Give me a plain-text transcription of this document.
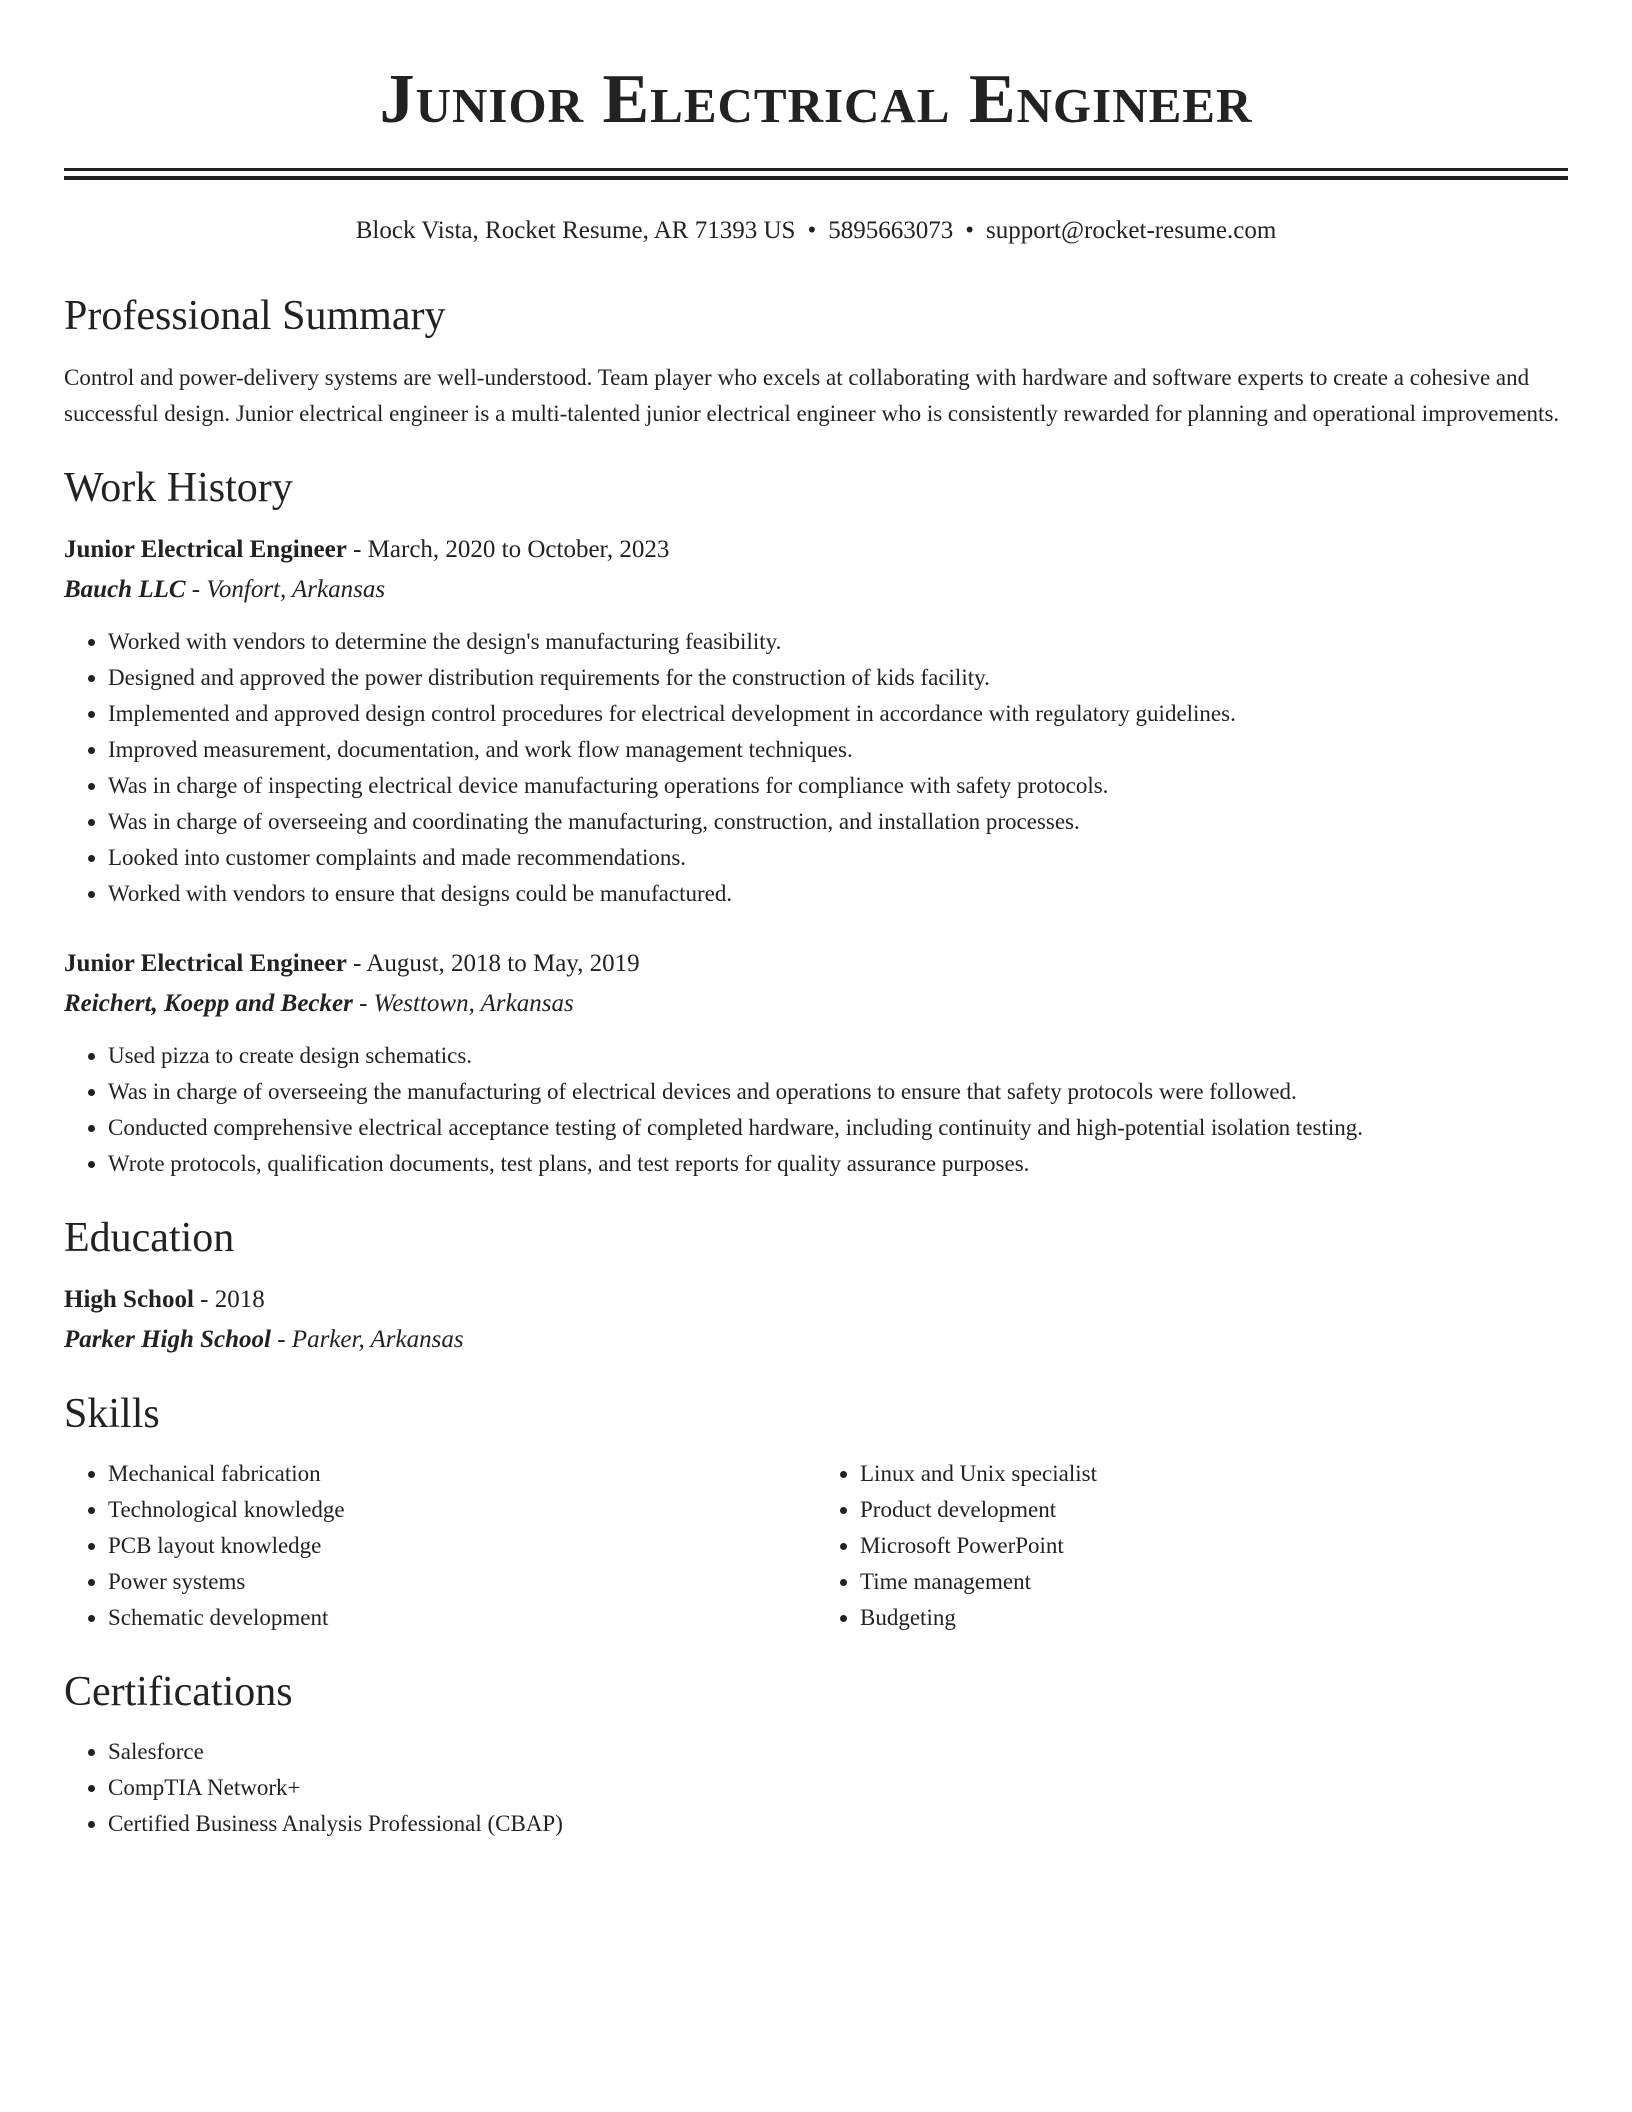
Junior Electrical Engineer
Block Vista, Rocket Resume, AR 71393 US • 5895663073 • support@rocket-resume.com
Professional Summary

Control and power-delivery systems are well-understood. Team player who excels at collaborating with hardware and software experts to create a cohesive and successful design. Junior electrical engineer is a multi-talented junior electrical engineer who is consistently rewarded for planning and operational improvements.

Work History
Junior Electrical Engineer - March, 2020 to October, 2023
Bauch LLC - Vonfort, Arkansas
• Worked with vendors to determine the design's manufacturing feasibility.
• Designed and approved the power distribution requirements for the construction of kids facility.
• Implemented and approved design control procedures for electrical development in accordance with regulatory guidelines.
• Improved measurement, documentation, and work flow management techniques.
• Was in charge of inspecting electrical device manufacturing operations for compliance with safety protocols.
• Was in charge of overseeing and coordinating the manufacturing, construction, and installation processes.
• Looked into customer complaints and made recommendations.
• Worked with vendors to ensure that designs could be manufactured.
Junior Electrical Engineer - August, 2018 to May, 2019
Reichert, Koepp and Becker - Westtown, Arkansas
• Used pizza to create design schematics.
• Was in charge of overseeing the manufacturing of electrical devices and operations to ensure that safety protocols were followed.
• Conducted comprehensive electrical acceptance testing of completed hardware, including continuity and high-potential isolation testing.
• Wrote protocols, qualification documents, test plans, and test reports for quality assurance purposes.
Education
High School - 2018
Parker High School - Parker, Arkansas
Skills
• Mechanical fabrication
• Technological knowledge
• PCB layout knowledge
• Power systems
• Schematic development
• Linux and Unix specialist
• Product development
• Microsoft PowerPoint
• Time management
• Budgeting
Certifications
• Salesforce
• CompTIA Network+
• Certified Business Analysis Professional (CBAP)
